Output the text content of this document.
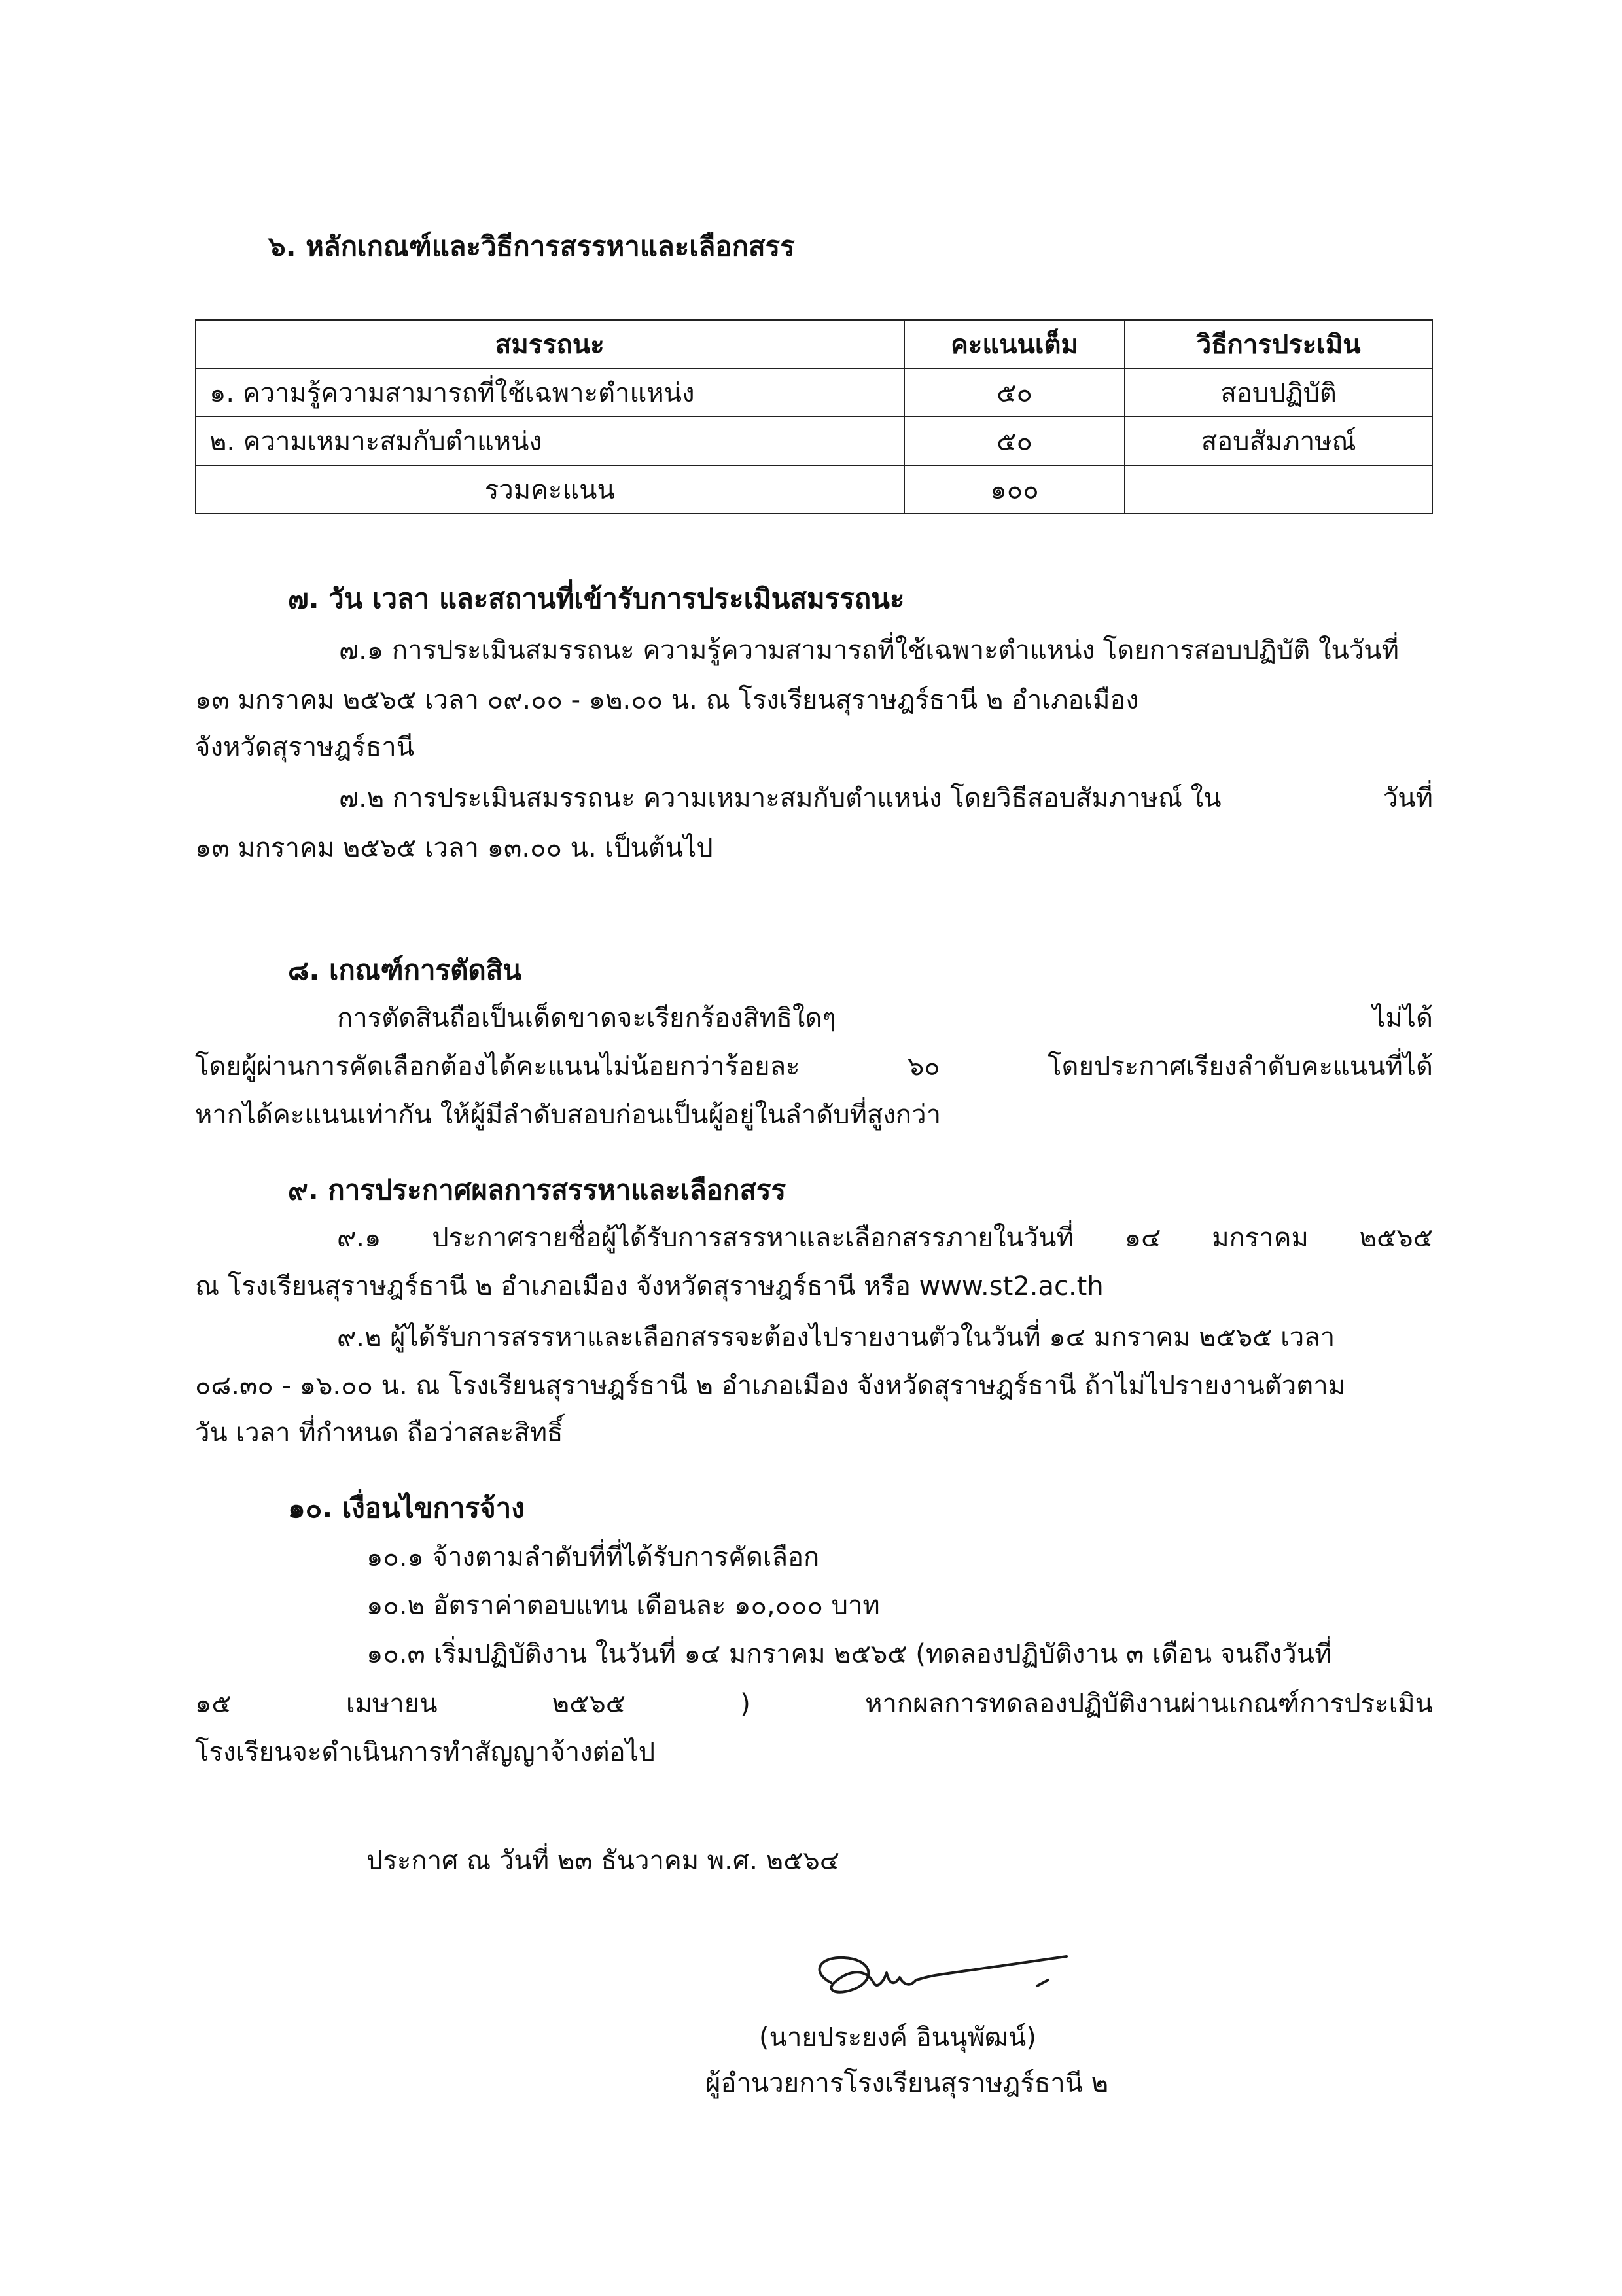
๖. หลักเกณฑ์และวิธีการสรรหาและเลือกสรร
สมรรถนะ	คะแนนเต็ม	วิธีการประเมิน
๑. ความรู้ความสามารถที่ใช้เฉพาะตำแหน่ง	๕๐	สอบปฏิบัติ
๒. ความเหมาะสมกับตำแหน่ง	๕๐	สอบสัมภาษณ์
รวมคะแนน	๑๐๐	
๗. วัน เวลา และสถานที่เข้ารับการประเมินสมรรถนะ
๗.๑ การประเมินสมรรถนะ ความรู้ความสามารถที่ใช้เฉพาะตำแหน่ง โดยการสอบปฏิบัติ ในวันที่
๑๓ มกราคม ๒๕๖๕ เวลา ๐๙.๐๐ - ๑๒.๐๐ น. ณ โรงเรียนสุราษฎร์ธานี ๒ อำเภอเมือง
จังหวัดสุราษฎร์ธานี
๗.๒ การประเมินสมรรถนะ ความเหมาะสมกับตำแหน่ง โดยวิธีสอบสัมภาษณ์ ใน	วันที่
๑๓ มกราคม ๒๕๖๕ เวลา ๑๓.๐๐ น. เป็นต้นไป
๘. เกณฑ์การตัดสิน
การตัดสินถือเป็นเด็ดขาดจะเรียกร้องสิทธิใดๆ	ไม่ได้
โดยผู้ผ่านการคัดเลือกต้องได้คะแนนไม่น้อยกว่าร้อยละ	๖๐	โดยประกาศเรียงลำดับคะแนนที่ได้
หากได้คะแนนเท่ากัน ให้ผู้มีลำดับสอบก่อนเป็นผู้อยู่ในลำดับที่สูงกว่า
๙. การประกาศผลการสรรหาและเลือกสรร
๙.๑ ประกาศรายชื่อผู้ได้รับการสรรหาและเลือกสรรภายในวันที่ ๑๔ มกราคม ๒๕๖๕
ณ โรงเรียนสุราษฎร์ธานี ๒ อำเภอเมือง จังหวัดสุราษฎร์ธานี หรือ www.st2.ac.th
๙.๒ ผู้ได้รับการสรรหาและเลือกสรรจะต้องไปรายงานตัวในวันที่ ๑๔ มกราคม ๒๕๖๕ เวลา
๐๘.๓๐ - ๑๖.๐๐ น. ณ โรงเรียนสุราษฎร์ธานี ๒ อำเภอเมือง จังหวัดสุราษฎร์ธานี ถ้าไม่ไปรายงานตัวตาม
วัน เวลา ที่กำหนด ถือว่าสละสิทธิ์
๑๐. เงื่อนไขการจ้าง
๑๐.๑ จ้างตามลำดับที่ที่ได้รับการคัดเลือก
๑๐.๒ อัตราค่าตอบแทน เดือนละ ๑๐,๐๐๐ บาท
๑๐.๓ เริ่มปฏิบัติงาน ในวันที่ ๑๔ มกราคม ๒๕๖๕ (ทดลองปฏิบัติงาน ๓ เดือน จนถึงวันที่
๑๕	เมษายน	๒๕๖๕	)	หากผลการทดลองปฏิบัติงานผ่านเกณฑ์การประเมิน
โรงเรียนจะดำเนินการทำสัญญาจ้างต่อไป
ประกาศ ณ วันที่ ๒๓ ธันวาคม พ.ศ. ๒๕๖๔
(นายประยงค์ อินนุพัฒน์)
ผู้อำนวยการโรงเรียนสุราษฎร์ธานี ๒
